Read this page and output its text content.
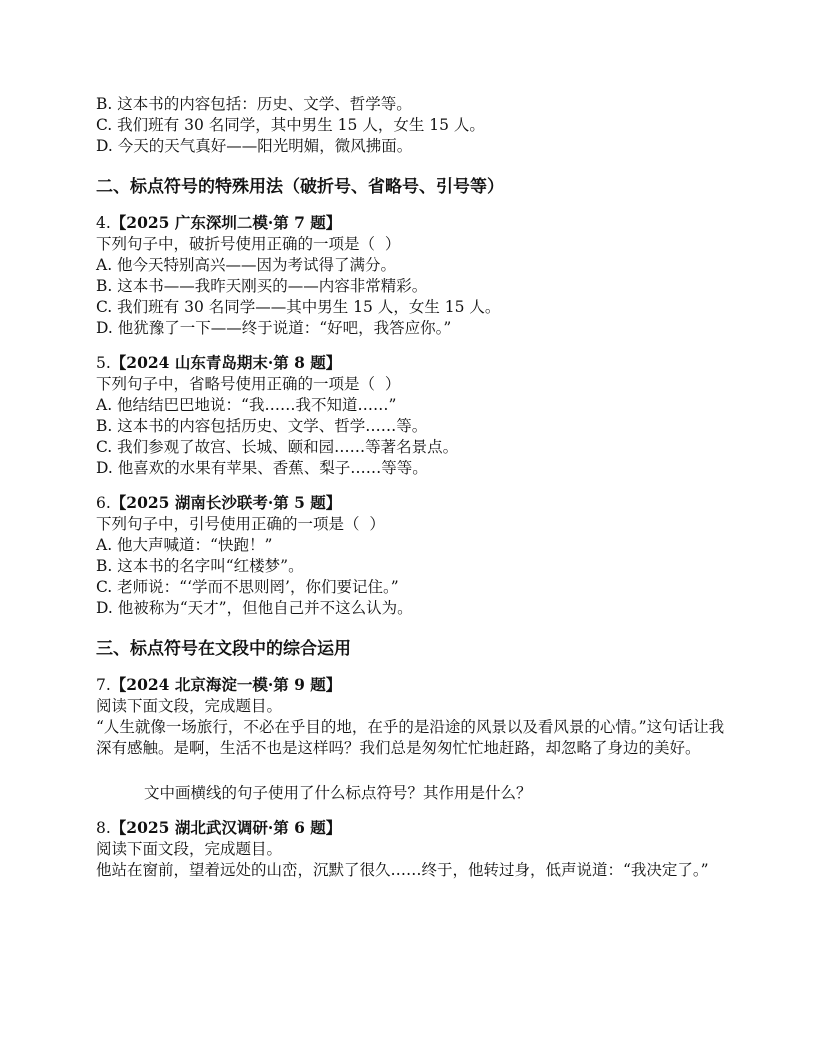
B. 这本书的内容包括：历史、文学、哲学等。
C. 我们班有 30 名同学，其中男生 15 人，女生 15 人。
D. 今天的天气真好——阳光明媚，微风拂面。
二、标点符号的特殊用法（破折号、省略号、引号等）
4.【2025 广东深圳二模·第 7 题】
下列句子中，破折号使用正确的一项是（  ）
A. 他今天特别高兴——因为考试得了满分。
B. 这本书——我昨天刚买的——内容非常精彩。
C. 我们班有 30 名同学——其中男生 15 人，女生 15 人。
D. 他犹豫了一下——终于说道：“好吧，我答应你。”
5.【2024 山东青岛期末·第 8 题】
下列句子中，省略号使用正确的一项是（  ）
A. 他结结巴巴地说：“我……我不知道……”
B. 这本书的内容包括历史、文学、哲学……等。
C. 我们参观了故宫、长城、颐和园……等著名景点。
D. 他喜欢的水果有苹果、香蕉、梨子……等等。
6.【2025 湖南长沙联考·第 5 题】
下列句子中，引号使用正确的一项是（  ）
A. 他大声喊道：“快跑！”
B. 这本书的名字叫“红楼梦”。
C. 老师说：“‘学而不思则罔’，你们要记住。”
D. 他被称为“天才”，但他自己并不这么认为。
三、标点符号在文段中的综合运用
7.【2024 北京海淀一模·第 9 题】
阅读下面文段，完成题目。
“人生就像一场旅行，不必在乎目的地，在乎的是沿途的风景以及看风景的心情。”这句话让我深有感触。是啊，生活不也是这样吗？我们总是匆匆忙忙地赶路，却忽略了身边的美好。
文中画横线的句子使用了什么标点符号？其作用是什么？
8.【2025 湖北武汉调研·第 6 题】
阅读下面文段，完成题目。
他站在窗前，望着远处的山峦，沉默了很久……终于，他转过身，低声说道：“我决定了。”
